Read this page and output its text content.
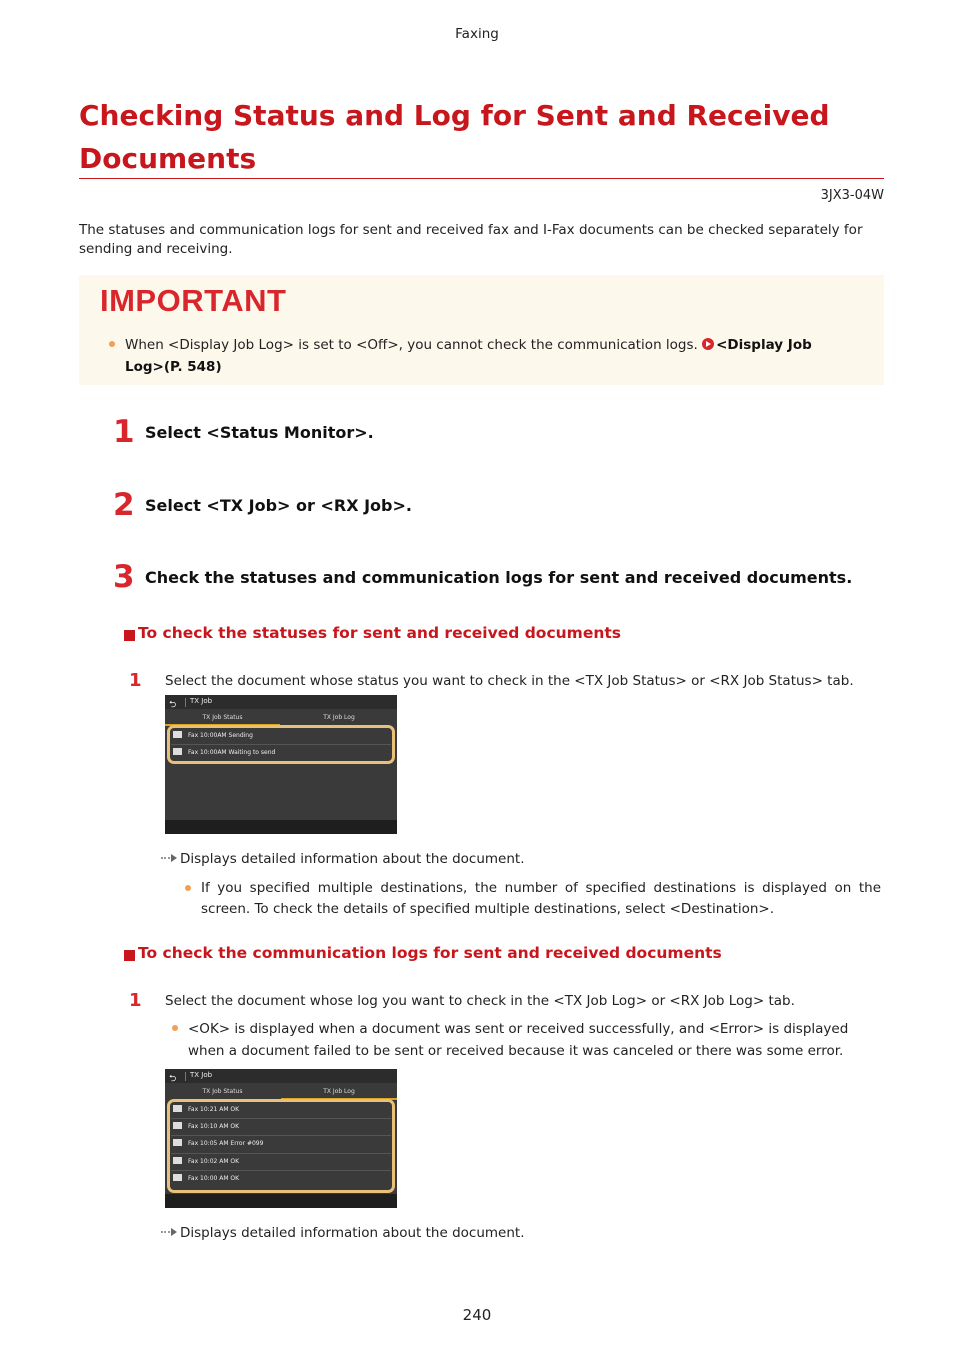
Faxing
Checking Status and Log for Sent and Received Documents
3JX3-04W
The statuses and communication logs for sent and received fax and I-Fax documents can be checked separately for sending and receiving.
IMPORTANT
When <Display Job Log> is set to <Off>, you cannot check the communication logs. <Display Job Log>(P. 548)
1 Select <Status Monitor>.
2 Select <TX Job> or <RX Job>.
3 Check the statuses and communication logs for sent and received documents.
To check the statuses for sent and received documents
1 Select the document whose status you want to check in the <TX Job Status> or <RX Job Status> tab.
⮌ TX Job
TX Job Status	TX Job Log
Fax 10:00AM Sending
Fax 10:00AM Waiting to send
Displays detailed information about the document.
If you specified multiple destinations, the number of specified destinations is displayed on the screen. To check the details of specified multiple destinations, select <Destination>.
To check the communication logs for sent and received documents
1 Select the document whose log you want to check in the <TX Job Log> or <RX Job Log> tab.
<OK> is displayed when a document was sent or received successfully, and <Error> is displayed when a document failed to be sent or received because it was canceled or there was some error.
⮌ TX Job
TX Job Status	TX Job Log
Fax 10:21 AM OK
Fax 10:10 AM OK
Fax 10:05 AM Error #099
Fax 10:02 AM OK
Fax 10:00 AM OK
Displays detailed information about the document.
240
